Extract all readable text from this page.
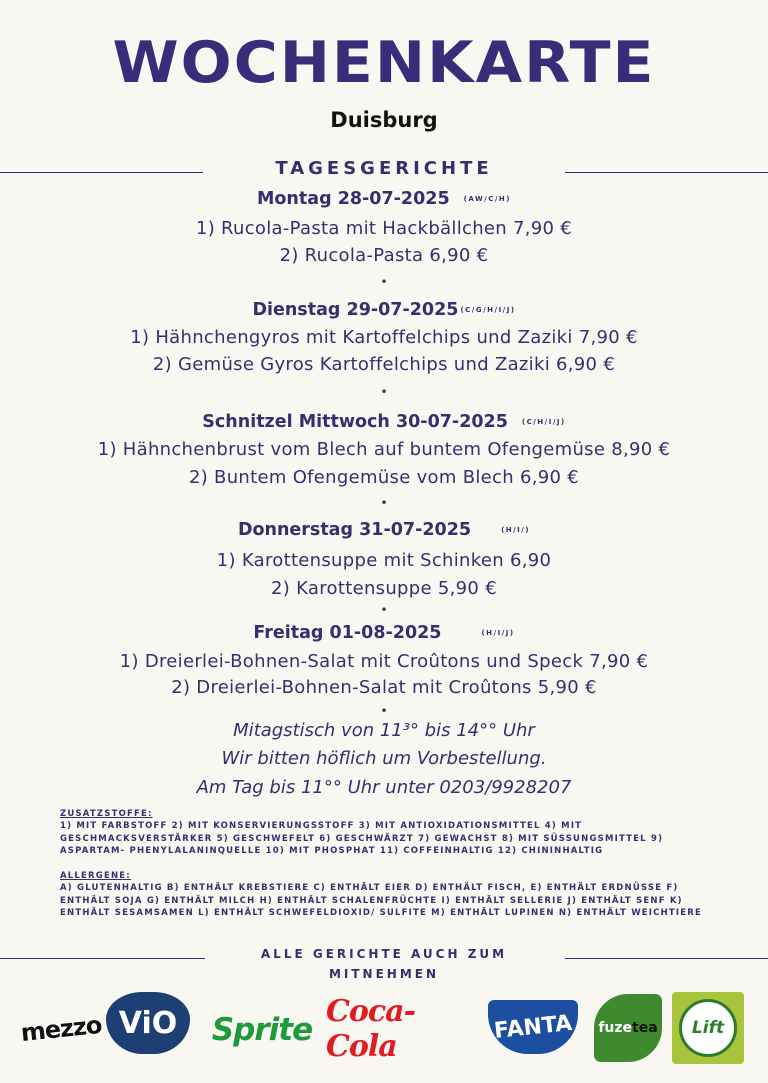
WOCHENKARTE
Duisburg
TAGESGERICHTE
Montag 28-07-2025 (AW/C/H)
1) Rucola-Pasta mit Hackbällchen 7,90 €
2) Rucola-Pasta 6,90 €
•
Dienstag 29-07-2025 (C/G/H/I/J)
1) Hähnchengyros mit Kartoffelchips und Zaziki 7,90 €
2) Gemüse Gyros Kartoffelchips und Zaziki 6,90 €
•
Schnitzel Mittwoch 30-07-2025 (C/H/I/J)
1) Hähnchenbrust vom Blech auf buntem Ofengemüse 8,90 €
2) Buntem Ofengemüse vom Blech 6,90 €
•
Donnerstag 31-07-2025	(H/I/)
1) Karottensuppe mit Schinken 6,90
2) Karottensuppe 5,90 €
•
Freitag 01-08-2025	(H/I/J)
1) Dreierlei-Bohnen-Salat mit Croûtons und Speck 7,90 €
2) Dreierlei-Bohnen-Salat mit Croûtons 5,90 €
•
Mitagstisch von 11³° bis 14°° Uhr
Wir bitten höflich um Vorbestellung.
Am Tag bis 11°° Uhr unter 0203/9928207
ZUSATZSTOFFE:
1) MIT FARBSTOFF 2) MIT KONSERVIERUNGSSTOFF 3) MIT ANTIOXIDATIONSMITTEL 4) MIT GESCHMACKSVERSTÄRKER 5) GESCHWEFELT 6) GESCHWÄRZT 7) GEWACHST 8) MIT SÜSSUNGSMITTEL 9) ASPARTAM- PHENYLALANINQUELLE 10) MIT PHOSPHAT 11) COFFEINHALTIG 12) CHININHALTIG
ALLERGENE:
A) GLUTENHALTIG B) ENTHÄLT KREBSTIERE C) ENTHÄLT EIER D) ENTHÄLT FISCH, E) ENTHÄLT ERDNÜSSE F) ENTHÄLT SOJA G) ENTHÄLT MILCH H) ENTHÄLT SCHALENFRÜCHTE I) ENTHÄLT SELLERIE J) ENTHÄLT SENF K) ENTHÄLT SESAMSAMEN L) ENTHÄLT SCHWEFELDIOXID/ SULFITE M) ENTHÄLT LUPINEN N) ENTHÄLT WEICHTIERE
ALLE GERICHTE AUCH ZUM
MITNEHMEN
mezzo ViO Sprite
Coca-Cola
FANTA fuze tea Lift
